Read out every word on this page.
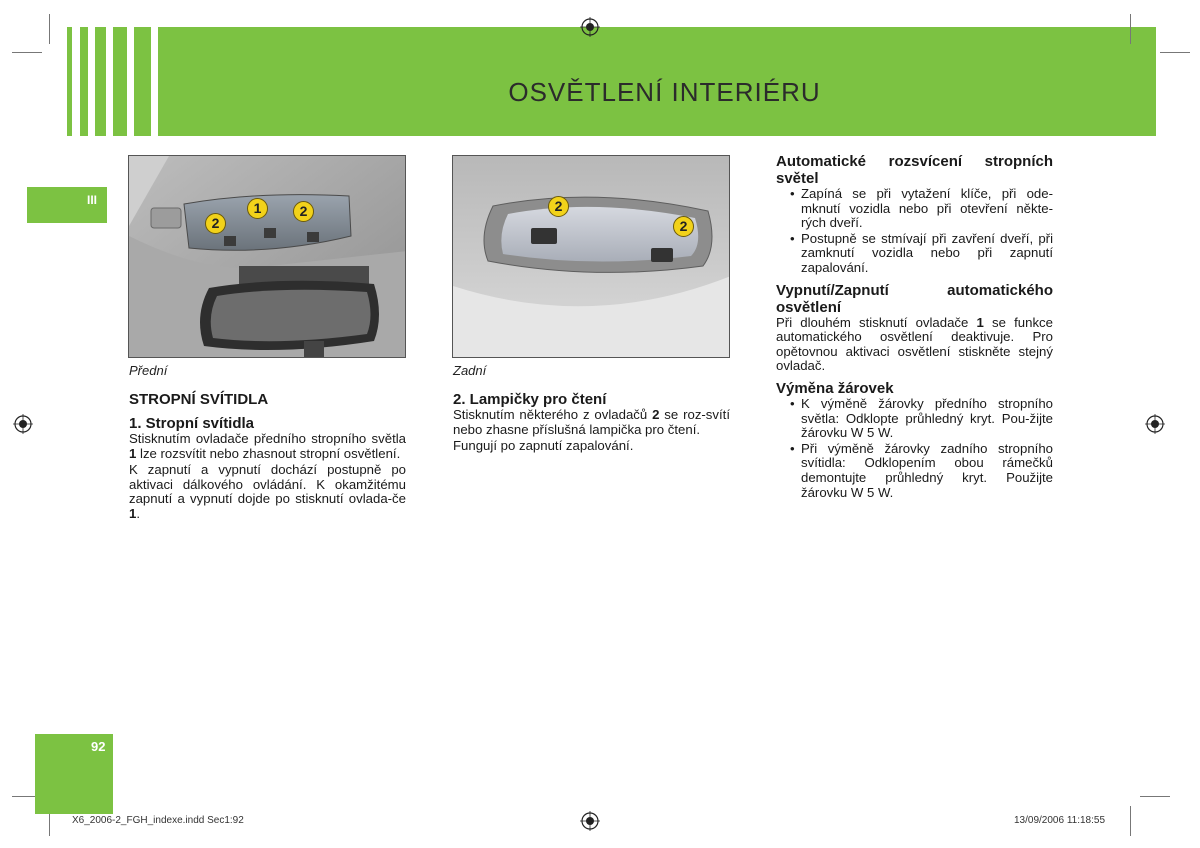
OSVĚTLENÍ INTERIÉRU
III
92
2
1	2
Přední
2
2
Zadní
STROPNÍ SVÍTIDLA
1. Stropní svítidla

Stisknutím ovladače předního stropního světla 1 lze rozsvítit nebo zhasnout stropní osvětlení.

K zapnutí a vypnutí dochází postupně po aktivaci dálkového ovládání. K okamžitému zapnutí a vypnutí dojde po stisknutí ovlada-če 1.

2. Lampičky pro čtení

Stisknutím některého z ovladačů 2 se roz-svítí nebo zhasne příslušná lampička pro čtení.

Fungují po zapnutí zapalování.

Automatické rozsvícení stropních světel
• Zapíná se při vytažení klíče, při ode-mknutí vozidla nebo při otevření někte-rých dveří.
• Postupně se stmívají při zavření dveří, při zamknutí vozidla nebo při zapnutí zapalování.
Vypnutí/Zapnutí automatického osvětlení

Při dlouhém stisknutí ovladače 1 se funkce automatického osvětlení deaktivuje. Pro opětovnou aktivaci osvětlení stiskněte stejný ovladač.

Výměna žárovek
• K výměně žárovky předního stropního světla: Odklopte průhledný kryt. Pou-žijte žárovku W 5 W.
• Při výměně žárovky zadního stropního svítidla: Odklopením obou rámečků demontujte průhledný kryt. Použijte žárovku W 5 W.
X6_2006-2_FGH_indexe.indd Sec1:92	13/09/2006 11:18:55
